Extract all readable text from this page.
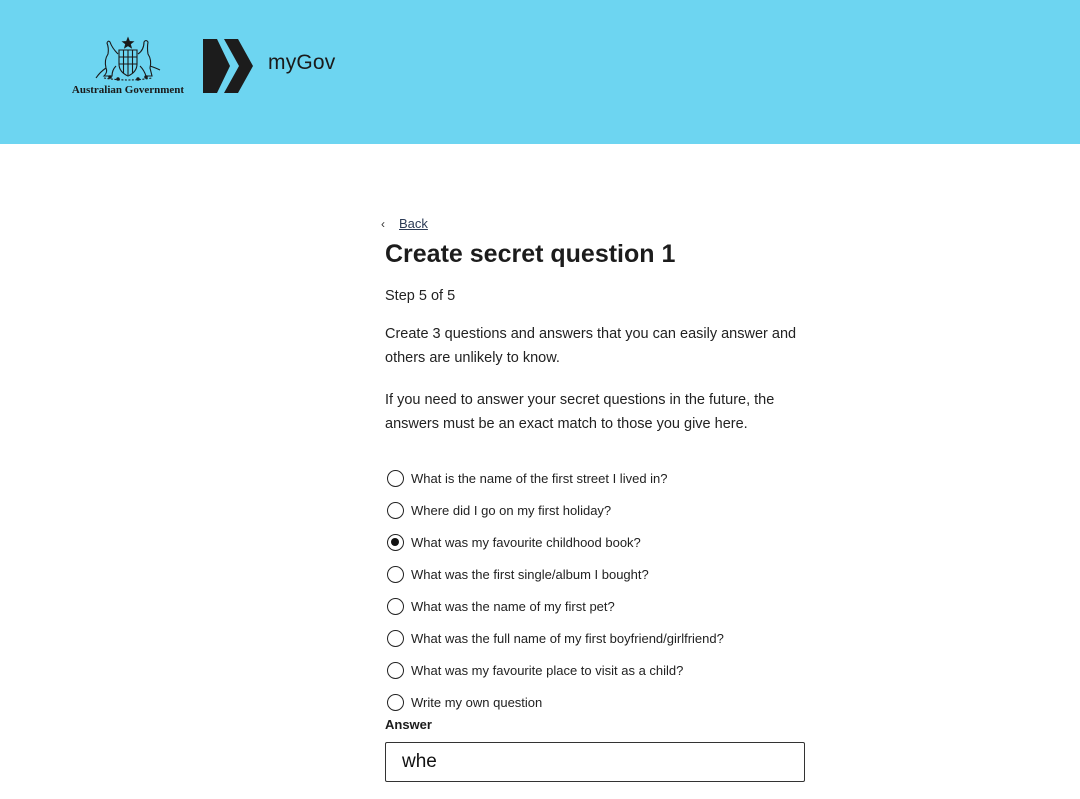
Australian Government
myGov
‹	Back
Create secret question 1
Step 5 of 5

Create 3 questions and answers that you can easily answer and others are unlikely to know.

If you need to answer your secret questions in the future, the answers must be an exact match to those you give here.

What is the name of the first street I lived in?
Where did I go on my first holiday?
What was my favourite childhood book?
What was the first single/album I bought?
What was the name of my first pet?
What was the full name of my first boyfriend/girlfriend?
What was my favourite place to visit as a child?
Write my own question
Answer
whe
